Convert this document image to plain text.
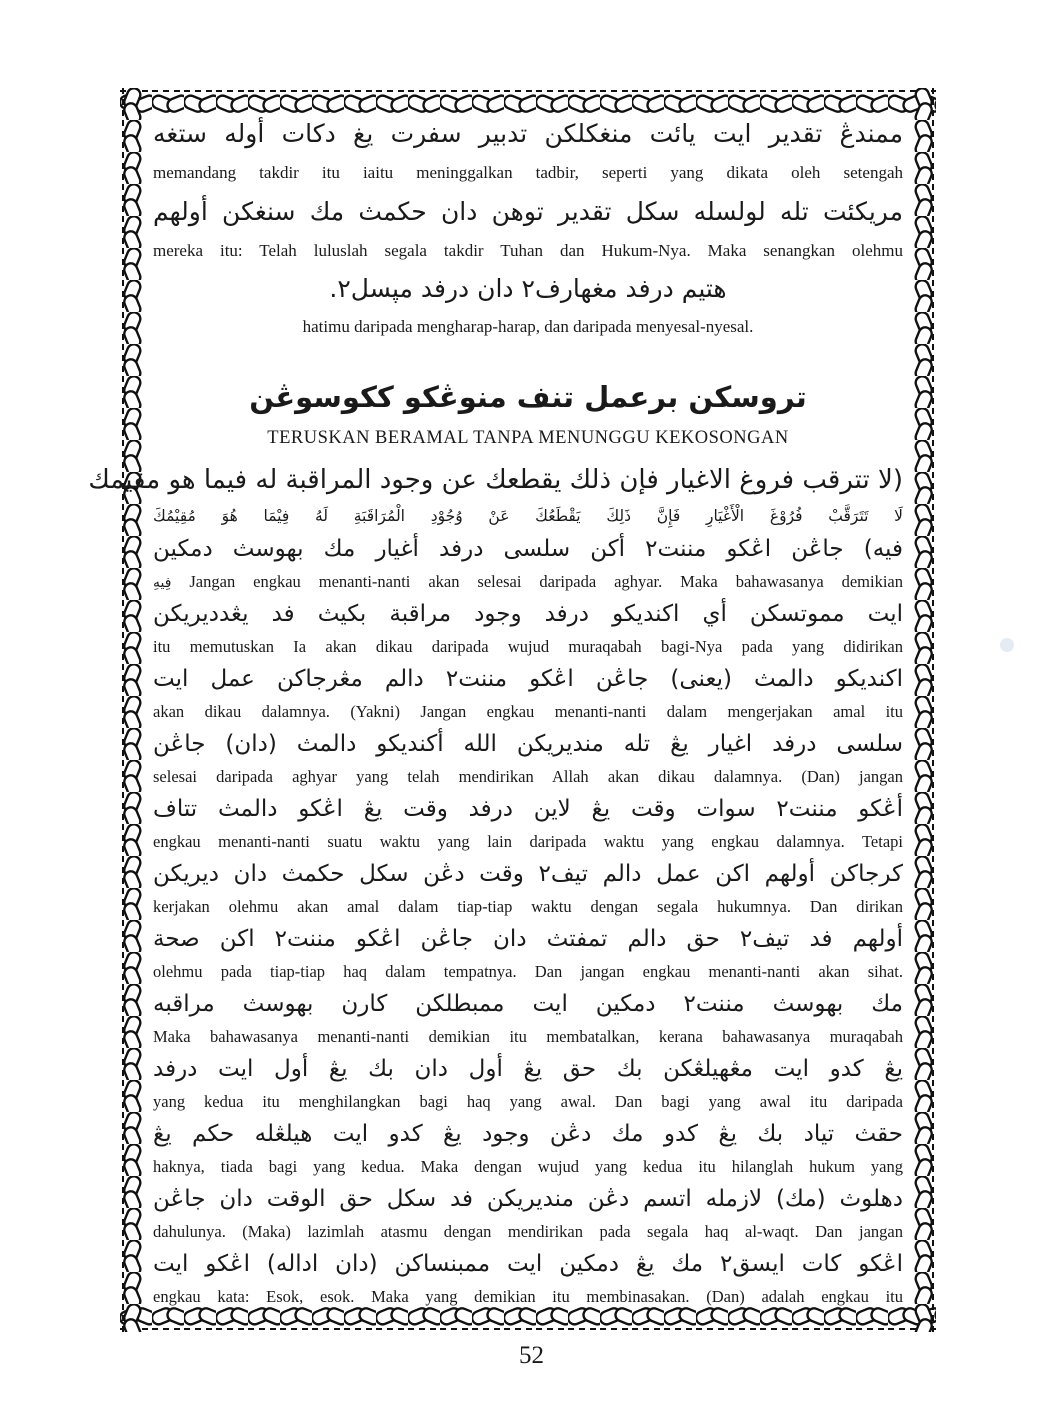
ممندڠ تقدير ايت يائت منغكلكن تدبير سفرت يغ دكات أوله ستغه
memandang takdir itu iaitu meninggalkan tadbir, seperti yang dikata oleh setengah
مريكئت تله لولسله سكل تقدير توهن دان حكمث مك سنغكن أولهم
mereka itu: Telah luluslah segala takdir Tuhan dan Hukum-Nya. Maka senangkan olehmu
هتيم درفد مغهارف٢ دان درفد مپسل٢.
hatimu daripada mengharap-harap, dan daripada menyesal-nyesal.
تروسكن برعمل تنف منوڠكو ككوسوڠن
TERUSKAN BERAMAL TANPA MENUNGGU KEKOSONGAN
(لا تترقب فروغ الاغيار فإن ذلك يقطعك عن وجود المراقبة له فيما هو مقيمك
لَا تَتَرَقَّبْ فُرُوْغَ الْأَغْيَارِ فَإِنَّ ذَلِكَ يَقْطَعُكَ عَنْ وُجُوْدِ الْمُرَاقَبَةِ لَهُ فِيْمَا هُوَ مُقِيْمُكَ
فيه) جاڠن اڠكو مننت٢ أكن سلسى درفد أغيار مك بهوسث دمكين
فِيهِ Jangan engkau menanti-nanti akan selesai daripada aghyar. Maka bahawasanya demikian
ايت مموتسكن أي اكنديكو درفد وجود مراقبة بكيث فد يڠدديريكن
itu memutuskan Ia akan dikau daripada wujud muraqabah bagi-Nya pada yang didirikan
اكنديكو دالمث (يعنى) جاڠن اڠكو مننت٢ دالم مڠرجاكن عمل ايت
akan dikau dalamnya. (Yakni) Jangan engkau menanti-nanti dalam mengerjakan amal itu
سلسى درفد اغيار يڠ تله منديريكن الله أكنديكو دالمث (دان) جاڠن
selesai daripada aghyar yang telah mendirikan Allah akan dikau dalamnya. (Dan) jangan
أڠكو مننت٢ سوات وقت يڠ لاين درفد وقت يڠ اڠكو دالمث تتاف
engkau menanti-nanti suatu waktu yang lain daripada waktu yang engkau dalamnya. Tetapi
كرجاكن أولهم اكن عمل دالم تيف٢ وقت دڠن سكل حكمث دان ديريكن
kerjakan olehmu akan amal dalam tiap-tiap waktu dengan segala hukumnya. Dan dirikan
أولهم فد تيف٢ حق دالم تمفتث دان جاڠن اڠكو مننت٢ اكن صحة
olehmu pada tiap-tiap haq dalam tempatnya. Dan jangan engkau menanti-nanti akan sihat.
مك بهوسث مننت٢ دمكين ايت ممبطلكن كارن بهوسث مراقبه
Maka bahawasanya menanti-nanti demikian itu membatalkan, kerana bahawasanya muraqabah
يڠ كدو ايت مڠهيلڠكن بك حق يڠ أول دان بك يڠ أول ايت درفد
yang kedua itu menghilangkan bagi haq yang awal. Dan bagi yang awal itu daripada
حقث تياد بك يڠ كدو مك دڠن وجود يڠ كدو ايت هيلڠله حكم يڠ
haknya, tiada bagi yang kedua. Maka dengan wujud yang kedua itu hilanglah hukum yang
دهلوث (مك) لازمله اتسم دڠن منديريكن فد سكل حق الوقت دان جاڠن
dahulunya. (Maka) lazimlah atasmu dengan mendirikan pada segala haq al-waqt. Dan jangan
اڠكو كات ايسق٢ مك يڠ دمكين ايت ممبنساكن (دان اداله) اڠكو ايت
engkau kata: Esok, esok. Maka yang demikian itu membinasakan. (Dan) adalah engkau itu
52
